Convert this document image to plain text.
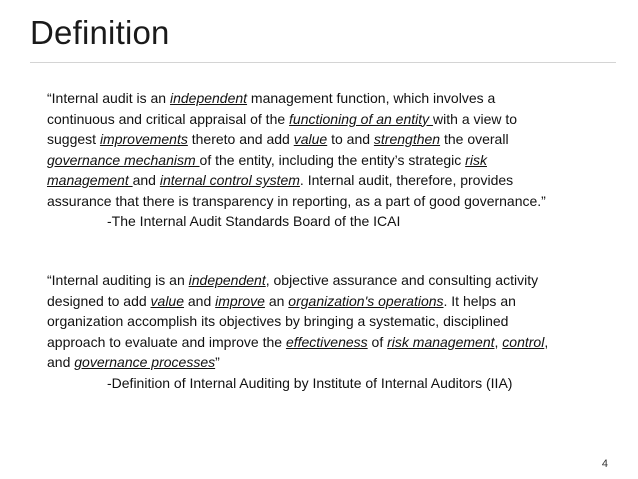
Definition
“Internal audit is an independent management function, which involves a
continuous and critical appraisal of the functioning of an entity with a view to
suggest improvements thereto and add value to and strengthen the overall
governance mechanism of the entity, including the entity’s strategic risk
management and internal control system. Internal audit, therefore, provides
assurance that there is transparency in reporting, as a part of good governance.”
-The Internal Audit Standards Board of the ICAI
“Internal auditing is an independent, objective assurance and consulting activity
designed to add value and improve an organization's operations. It helps an
organization accomplish its objectives by bringing a systematic, disciplined
approach to evaluate and improve the effectiveness of risk management, control,
and governance processes”
-Definition of Internal Auditing by Institute of Internal Auditors (IIA)
4
